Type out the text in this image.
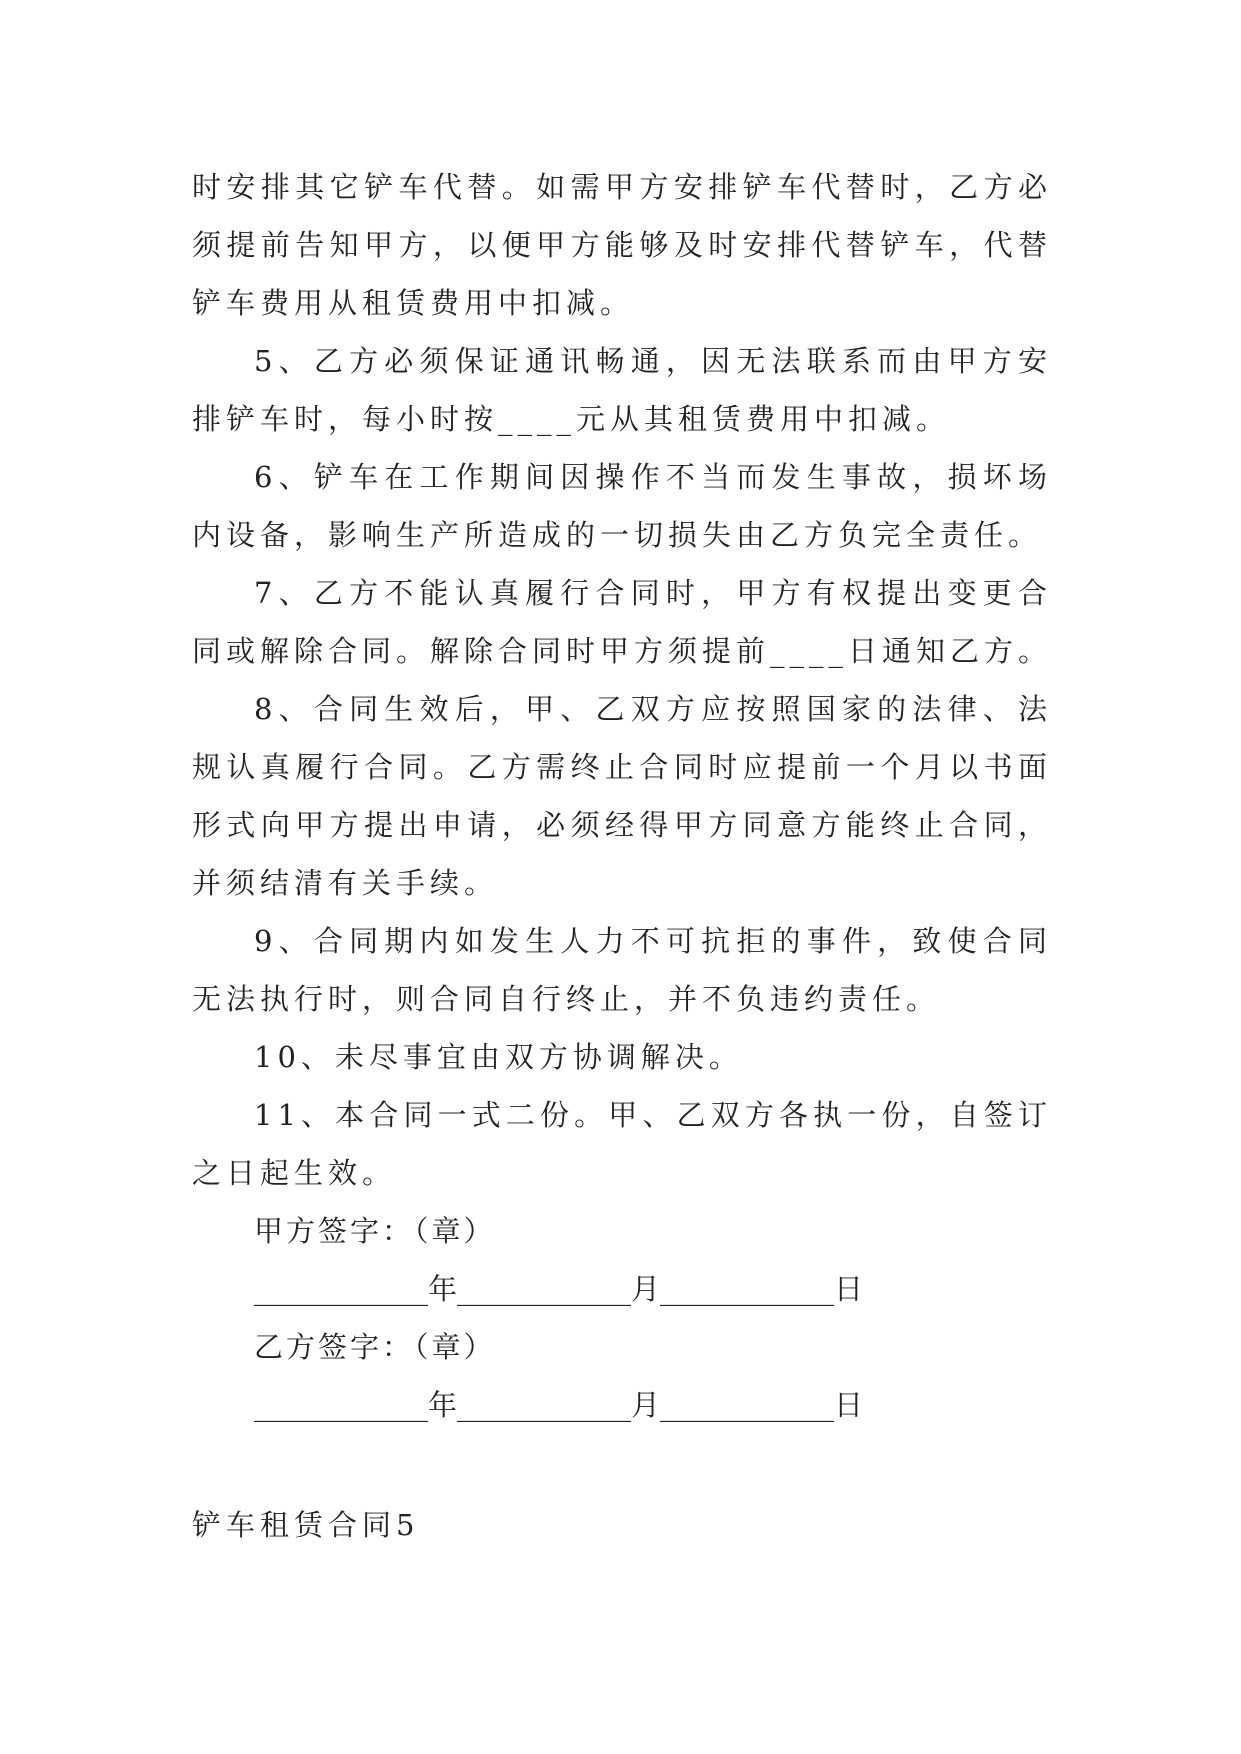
时安排其它铲车代替。如需甲方安排铲车代替时，乙方必须提前告知甲方，以便甲方能够及时安排代替铲车，代替铲车费用从租赁费用中扣减。

5、乙方必须保证通讯畅通，因无法联系而由甲方安排铲车时，每小时按____元从其租赁费用中扣减。

6、铲车在工作期间因操作不当而发生事故，损坏场内设备，影响生产所造成的一切损失由乙方负完全责任。

7、乙方不能认真履行合同时，甲方有权提出变更合同或解除合同。解除合同时甲方须提前____日通知乙方。

8、合同生效后，甲、乙双方应按照国家的法律、法规认真履行合同。乙方需终止合同时应提前一个月以书面形式向甲方提出申请，必须经得甲方同意方能终止合同，并须结清有关手续。

9、合同期内如发生人力不可抗拒的事件，致使合同无法执行时，则合同自行终止，并不负违约责任。

10、未尽事宜由双方协调解决。

11、本合同一式二份。甲、乙双方各执一份，自签订之日起生效。

甲方签字：（章）

____________年____________月____________日

乙方签字：（章）

____________年____________月____________日

铲车租赁合同5
